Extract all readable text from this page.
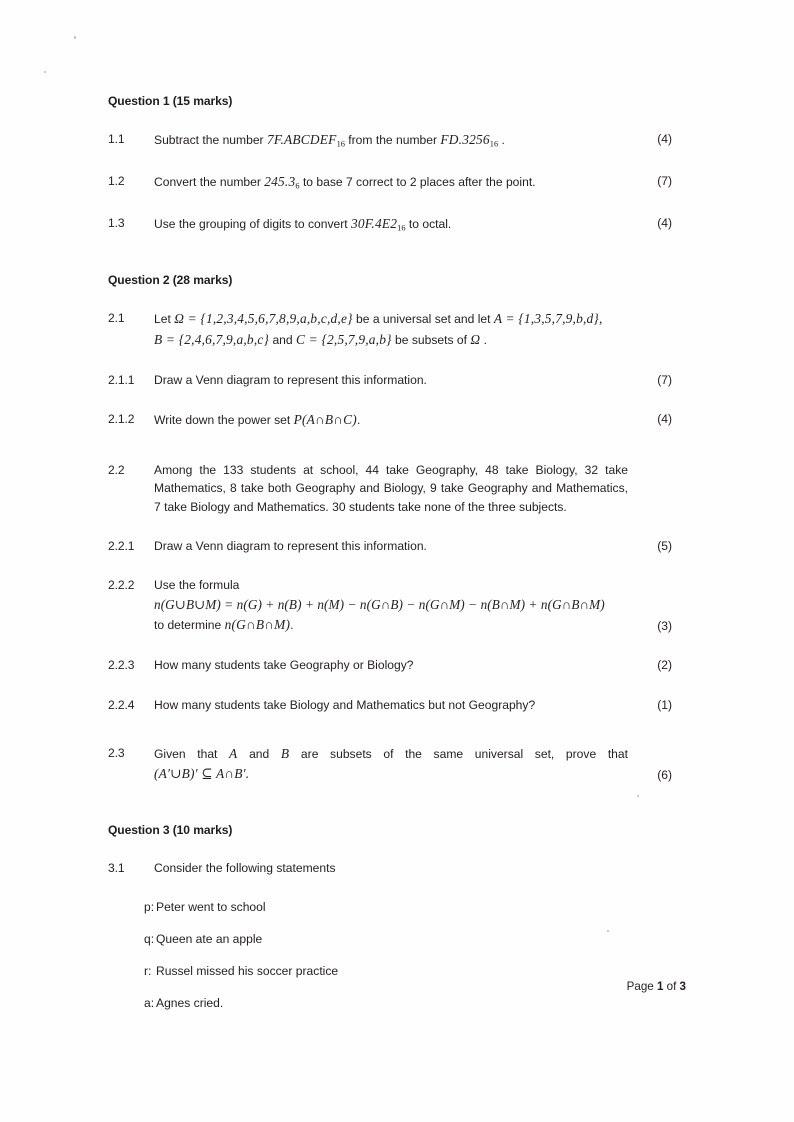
Question 1 (15 marks)
1.1	Subtract the number $7F.ABCDEF_{16}$ from the number $FD.3256_{16}$ .	(4)
1.2	Convert the number $245.3_6$ to base 7 correct to 2 places after the point.	(7)
1.3	Use the grouping of digits to convert $30F.4E2_{16}$ to octal.	(4)
Question 2 (28 marks)
2.1	Let Ω = {1,2,3,4,5,6,7,8,9,a,b,c,d,e} be a universal set and let A = {1,3,5,7,9,b,d},
B = {2,4,6,7,9,a,b,c} and C = {2,5,7,9,a,b} be subsets of Ω .
2.1.1	Draw a Venn diagram to represent this information.	(7)
2.1.2	Write down the power set P(A∩B∩C).	(4)
2.2	Among the 133 students at school, 44 take Geography, 48 take Biology, 32 take Mathematics, 8 take both Geography and Biology, 9 take Geography and Mathematics, 7 take Biology and Mathematics. 30 students take none of the three subjects.
2.2.1	Draw a Venn diagram to represent this information.	(5)
2.2.2	Use the formula
n(G∪B∪M) = n(G) + n(B) + n(M) − n(G∩B) − n(G∩M) − n(B∩M) + n(G∩B∩M)
to determine n(G∩B∩M).	(3)
2.2.3	How many students take Geography or Biology?	(2)
2.2.4	How many students take Biology and Mathematics but not Geography?	(1)
2.3	Given that A and B are subsets of the same universal set, prove that
(A′∪B)′ ⊆ A∩B′.	(6)
Question 3 (10 marks)
3.1	Consider the following statements
p: Peter went to school
q: Queen ate an apple
r: Russel missed his soccer practice
a: Agnes cried.
Page 1 of 3
